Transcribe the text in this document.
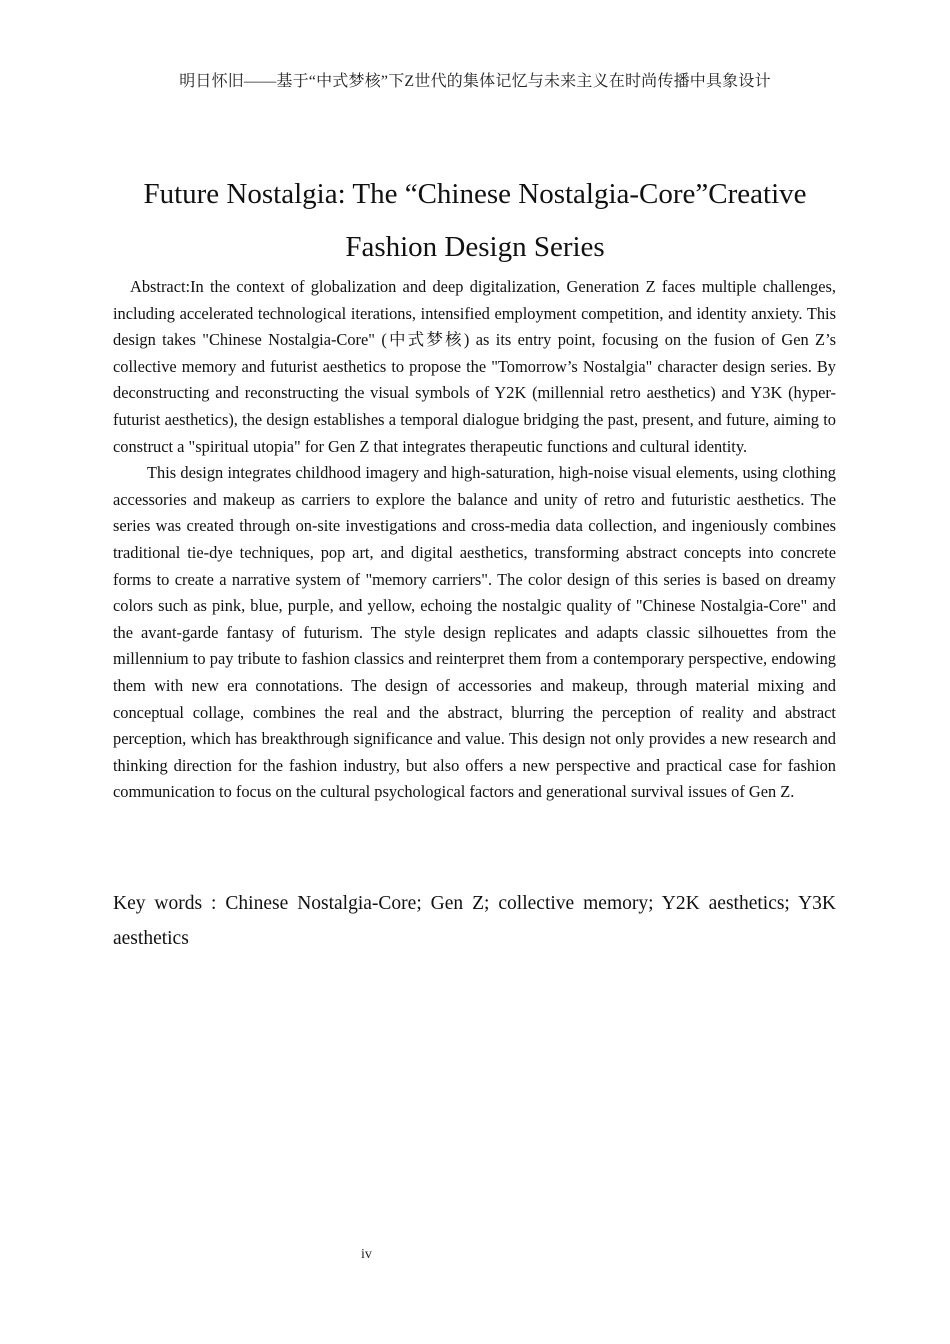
明日怀旧——基于“中式梦核”下Z世代的集体记忆与未来主义在时尚传播中具象设计
Future Nostalgia: The “Chinese Nostalgia-Core”Creative
Fashion Design Series

Abstract:In the context of globalization and deep digitalization, Generation Z faces multiple challenges, including accelerated technological iterations, intensified employment competition, and identity anxiety. This design takes "Chinese Nostalgia-Core" (中式梦核) as its entry point, focusing on the fusion of Gen Z’s collective memory and futurist aesthetics to propose the "Tomorrow’s Nostalgia" character design series. By deconstructing and reconstructing the visual symbols of Y2K (millennial retro aesthetics) and Y3K (hyper-futurist aesthetics), the design establishes a temporal dialogue bridging the past, present, and future, aiming to construct a "spiritual utopia" for Gen Z that integrates therapeutic functions and cultural identity.

This design integrates childhood imagery and high-saturation, high-noise visual elements, using clothing accessories and makeup as carriers to explore the balance and unity of retro and futuristic aesthetics. The series was created through on-site investigations and cross-media data collection, and ingeniously combines traditional tie-dye techniques, pop art, and digital aesthetics, transforming abstract concepts into concrete forms to create a narrative system of "memory carriers". The color design of this series is based on dreamy colors such as pink, blue, purple, and yellow, echoing the nostalgic quality of "Chinese Nostalgia-Core" and the avant-garde fantasy of futurism. The style design replicates and adapts classic silhouettes from the millennium to pay tribute to fashion classics and reinterpret them from a contemporary perspective, endowing them with new era connotations. The design of accessories and makeup, through material mixing and conceptual collage, combines the real and the abstract, blurring the perception of reality and abstract perception, which has breakthrough significance and value. This design not only provides a new research and thinking direction for the fashion industry, but also offers a new perspective and practical case for fashion communication to focus on the cultural psychological factors and generational survival issues of Gen Z.

Key words : Chinese Nostalgia-Core; Gen Z; collective memory; Y2K aesthetics; Y3K aesthetics
iv
